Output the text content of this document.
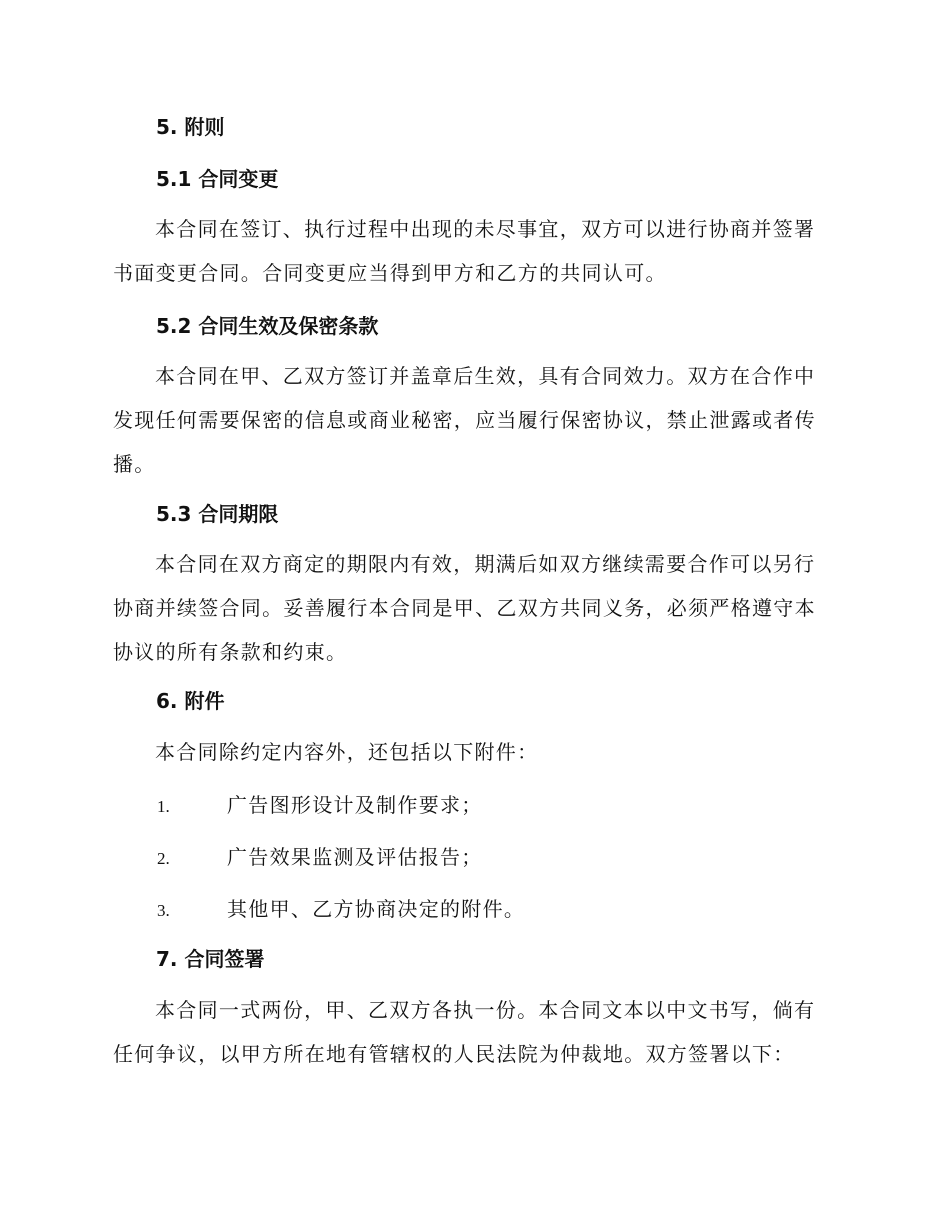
5. 附则
5.1 合同变更
本合同在签订、执行过程中出现的未尽事宜，双方可以进行协商并签署
书面变更合同。合同变更应当得到甲方和乙方的共同认可。
5.2 合同生效及保密条款
本合同在甲、乙双方签订并盖章后生效，具有合同效力。双方在合作中
发现任何需要保密的信息或商业秘密，应当履行保密协议，禁止泄露或者传
播。
5.3 合同期限
本合同在双方商定的期限内有效，期满后如双方继续需要合作可以另行
协商并续签合同。妥善履行本合同是甲、乙双方共同义务，必须严格遵守本
协议的所有条款和约束。
6. 附件
本合同除约定内容外，还包括以下附件：
1.	广告图形设计及制作要求；
2.	广告效果监测及评估报告；
3.	其他甲、乙方协商决定的附件。
7. 合同签署
本合同一式两份，甲、乙双方各执一份。本合同文本以中文书写，倘有
任何争议，以甲方所在地有管辖权的人民法院为仲裁地。双方签署以下：
